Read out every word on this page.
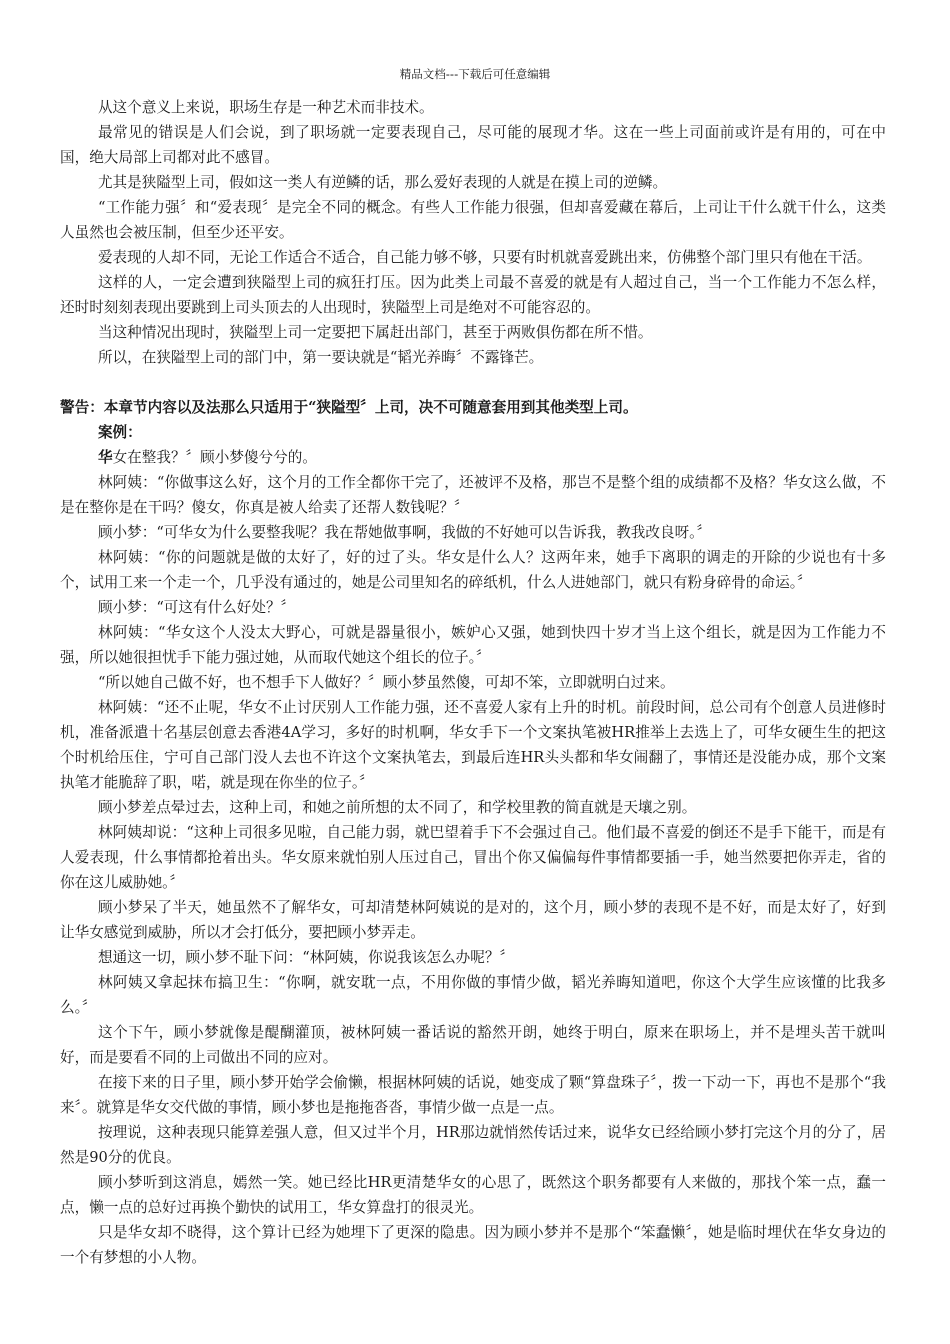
精品文档---下载后可任意编辑

从这个意义上来说，职场生存是一种艺术而非技术。

最常见的错误是人们会说，到了职场就一定要表现自己，尽可能的展现才华。这在一些上司面前或许是有用的，可在中国，绝大局部上司都对此不感冒。

尤其是狭隘型上司，假如这一类人有逆鳞的话，那么爱好表现的人就是在摸上司的逆鳞。

“工作能力强〞和“爱表现〞是完全不同的概念。有些人工作能力很强，但却喜爱藏在幕后，上司让干什么就干什么，这类人虽然也会被压制，但至少还平安。

爱表现的人却不同，无论工作适合不适合，自己能力够不够，只要有时机就喜爱跳出来，仿佛整个部门里只有他在干活。

这样的人，一定会遭到狭隘型上司的疯狂打压。因为此类上司最不喜爱的就是有人超过自己，当一个工作能力不怎么样，还时时刻刻表现出要跳到上司头顶去的人出现时，狭隘型上司是绝对不可能容忍的。

当这种情况出现时，狭隘型上司一定要把下属赶出部门，甚至于两败俱伤都在所不惜。

所以，在狭隘型上司的部门中，第一要诀就是“韬光养晦〞不露锋芒。

警告：本章节内容以及法那么只适用于“狭隘型〞上司，决不可随意套用到其他类型上司。

案例：

华女在整我？〞顾小梦傻兮兮的。

林阿姨：“你做事这么好，这个月的工作全都你干完了，还被评不及格，那岂不是整个组的成绩都不及格？华女这么做，不是在整你是在干吗？傻女，你真是被人给卖了还帮人数钱呢？〞

顾小梦：“可华女为什么要整我呢？我在帮她做事啊，我做的不好她可以告诉我，教我改良呀。〞

林阿姨：“你的问题就是做的太好了，好的过了头。华女是什么人？这两年来，她手下离职的调走的开除的少说也有十多个，试用工来一个走一个，几乎没有通过的，她是公司里知名的碎纸机，什么人进她部门，就只有粉身碎骨的命运。〞

顾小梦：“可这有什么好处？〞

林阿姨：“华女这个人没太大野心，可就是器量很小，嫉妒心又强，她到快四十岁才当上这个组长，就是因为工作能力不强，所以她很担忧手下能力强过她，从而取代她这个组长的位子。〞

“所以她自己做不好，也不想手下人做好？〞顾小梦虽然傻，可却不笨，立即就明白过来。

林阿姨：“还不止呢，华女不止讨厌别人工作能力强，还不喜爱人家有上升的时机。前段时间，总公司有个创意人员进修时机，准备派遣十名基层创意去香港4A学习，多好的时机啊，华女手下一个文案执笔被HR推举上去选上了，可华女硬生生的把这个时机给压住，宁可自己部门没人去也不许这个文案执笔去，到最后连HR头头都和华女闹翻了，事情还是没能办成，那个文案执笔才能脆辞了职，喏，就是现在你坐的位子。〞

顾小梦差点晕过去，这种上司，和她之前所想的太不同了，和学校里教的简直就是天壤之别。

林阿姨却说：“这种上司很多见啦，自己能力弱，就巴望着手下不会强过自己。他们最不喜爱的倒还不是手下能干，而是有人爱表现，什么事情都抢着出头。华女原来就怕别人压过自己，冒出个你又偏偏每件事情都要插一手，她当然要把你弄走，省的你在这儿威胁她。〞

顾小梦呆了半天，她虽然不了解华女，可却清楚林阿姨说的是对的，这个月，顾小梦的表现不是不好，而是太好了，好到让华女感觉到威胁，所以才会打低分，要把顾小梦弄走。

想通这一切，顾小梦不耻下问：“林阿姨，你说我该怎么办呢？〞

林阿姨又拿起抹布搞卫生：“你啊，就安耽一点，不用你做的事情少做，韬光养晦知道吧，你这个大学生应该懂的比我多么。〞

这个下午，顾小梦就像是醍醐灌顶，被林阿姨一番话说的豁然开朗，她终于明白，原来在职场上，并不是埋头苦干就叫好，而是要看不同的上司做出不同的应对。

在接下来的日子里，顾小梦开始学会偷懒，根据林阿姨的话说，她变成了颗“算盘珠子〞，拨一下动一下，再也不是那个“我来〞。就算是华女交代做的事情，顾小梦也是拖拖沓沓，事情少做一点是一点。

按理说，这种表现只能算差强人意，但又过半个月，HR那边就悄然传话过来，说华女已经给顾小梦打完这个月的分了，居然是90分的优良。

顾小梦听到这消息，嫣然一笑。她已经比HR更清楚华女的心思了，既然这个职务都要有人来做的，那找个笨一点，蠢一点，懒一点的总好过再换个勤快的试用工，华女算盘打的很灵光。

只是华女却不晓得，这个算计已经为她埋下了更深的隐患。因为顾小梦并不是那个“笨蠢懒〞，她是临时埋伏在华女身边的一个有梦想的小人物。
